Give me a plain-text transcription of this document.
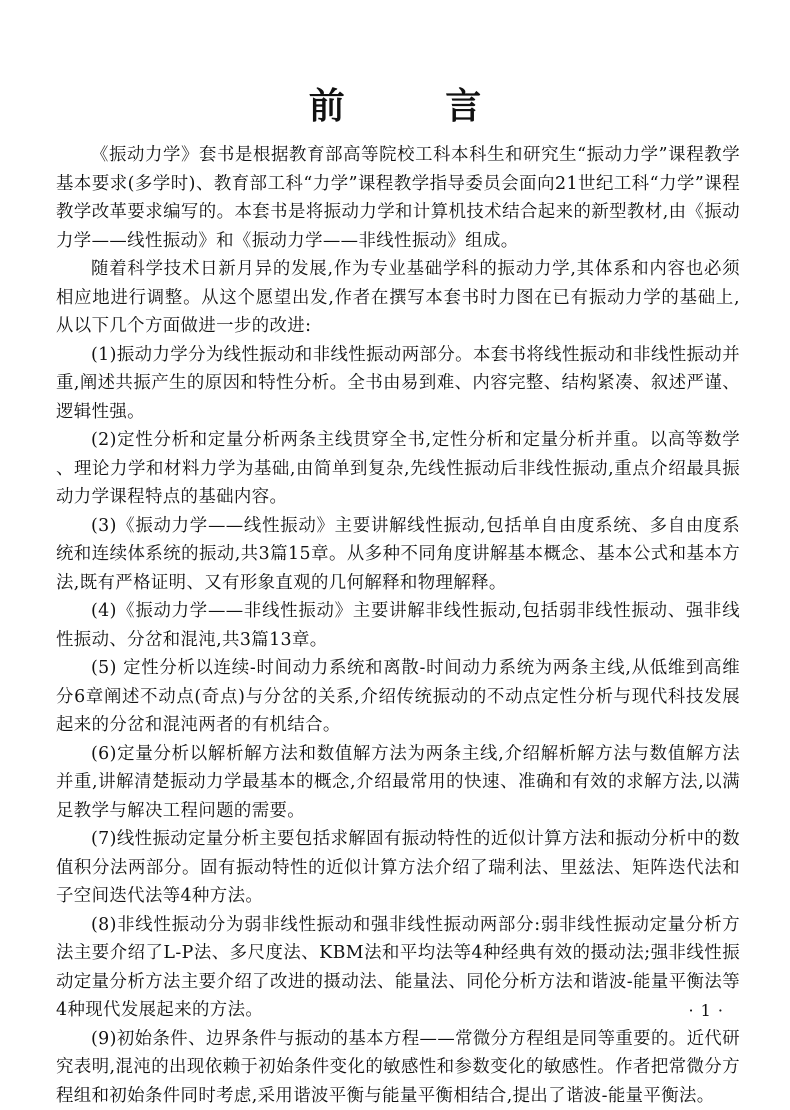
前 言

《振动力学》套书是根据教育部高等院校工科本科生和研究生“振动力学”课程教学基本要求(多学时)、教育部工科“力学”课程教学指导委员会面向21世纪工科“力学”课程教学改革要求编写的。本套书是将振动力学和计算机技术结合起来的新型教材,由《振动力学——线性振动》和《振动力学——非线性振动》组成。

随着科学技术日新月异的发展,作为专业基础学科的振动力学,其体系和内容也必须相应地进行调整。从这个愿望出发,作者在撰写本套书时力图在已有振动力学的基础上,从以下几个方面做进一步的改进:

(1)振动力学分为线性振动和非线性振动两部分。本套书将线性振动和非线性振动并重,阐述共振产生的原因和特性分析。全书由易到难、内容完整、结构紧凑、叙述严谨、逻辑性强。

(2)定性分析和定量分析两条主线贯穿全书,定性分析和定量分析并重。以高等数学、理论力学和材料力学为基础,由简单到复杂,先线性振动后非线性振动,重点介绍最具振动力学课程特点的基础内容。

(3)《振动力学——线性振动》主要讲解线性振动,包括单自由度系统、多自由度系统和连续体系统的振动,共3篇15章。从多种不同角度讲解基本概念、基本公式和基本方法,既有严格证明、又有形象直观的几何解释和物理解释。

(4)《振动力学——非线性振动》主要讲解非线性振动,包括弱非线性振动、强非线性振动、分岔和混沌,共3篇13章。

(5) 定性分析以连续-时间动力系统和离散-时间动力系统为两条主线,从低维到高维分6章阐述不动点(奇点)与分岔的关系,介绍传统振动的不动点定性分析与现代科技发展起来的分岔和混沌两者的有机结合。

(6)定量分析以解析解方法和数值解方法为两条主线,介绍解析解方法与数值解方法并重,讲解清楚振动力学最基本的概念,介绍最常用的快速、准确和有效的求解方法,以满足教学与解决工程问题的需要。

(7)线性振动定量分析主要包括求解固有振动特性的近似计算方法和振动分析中的数值积分法两部分。固有振动特性的近似计算方法介绍了瑞利法、里兹法、矩阵迭代法和子空间迭代法等4种方法。

(8)非线性振动分为弱非线性振动和强非线性振动两部分:弱非线性振动定量分析方法主要介绍了L-P法、多尺度法、KBM法和平均法等4种经典有效的摄动法;强非线性振动定量分析方法主要介绍了改进的摄动法、能量法、同伦分析方法和谐波-能量平衡法等4种现代发展起来的方法。

(9)初始条件、边界条件与振动的基本方程——常微分方程组是同等重要的。近代研究表明,混沌的出现依赖于初始条件变化的敏感性和参数变化的敏感性。作者把常微分方程组和初始条件同时考虑,采用谐波平衡与能量平衡相结合,提出了谐波-能量平衡法。

· 1 ·
